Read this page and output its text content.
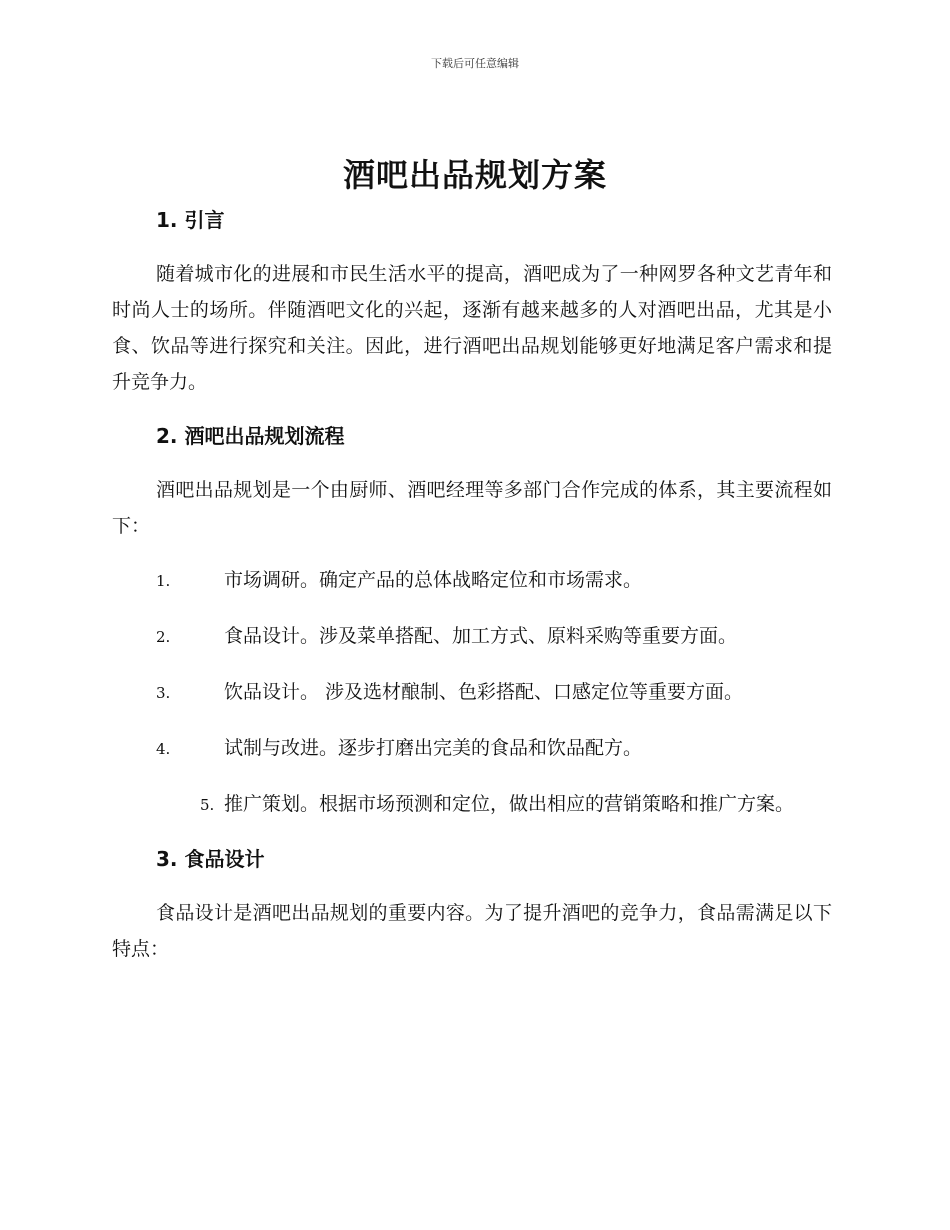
下载后可任意编辑
酒吧出品规划方案
1. 引言

随着城市化的进展和市民生活水平的提高，酒吧成为了一种网罗各种文艺青年和时尚人士的场所。伴随酒吧文化的兴起，逐渐有越来越多的人对酒吧出品，尤其是小食、饮品等进行探究和关注。因此，进行酒吧出品规划能够更好地满足客户需求和提升竞争力。

2. 酒吧出品规划流程

酒吧出品规划是一个由厨师、酒吧经理等多部门合作完成的体系，其主要流程如下：

1.	市场调研。确定产品的总体战略定位和市场需求。
2.	食品设计。涉及菜单搭配、加工方式、原料采购等重要方面。
3.	饮品设计。 涉及选材酿制、色彩搭配、口感定位等重要方面。
4.	试制与改进。逐步打磨出完美的食品和饮品配方。
5. 推广策划。根据市场预测和定位，做出相应的营销策略和推广方案。
3. 食品设计

食品设计是酒吧出品规划的重要内容。为了提升酒吧的竞争力，食品需满足以下特点：
